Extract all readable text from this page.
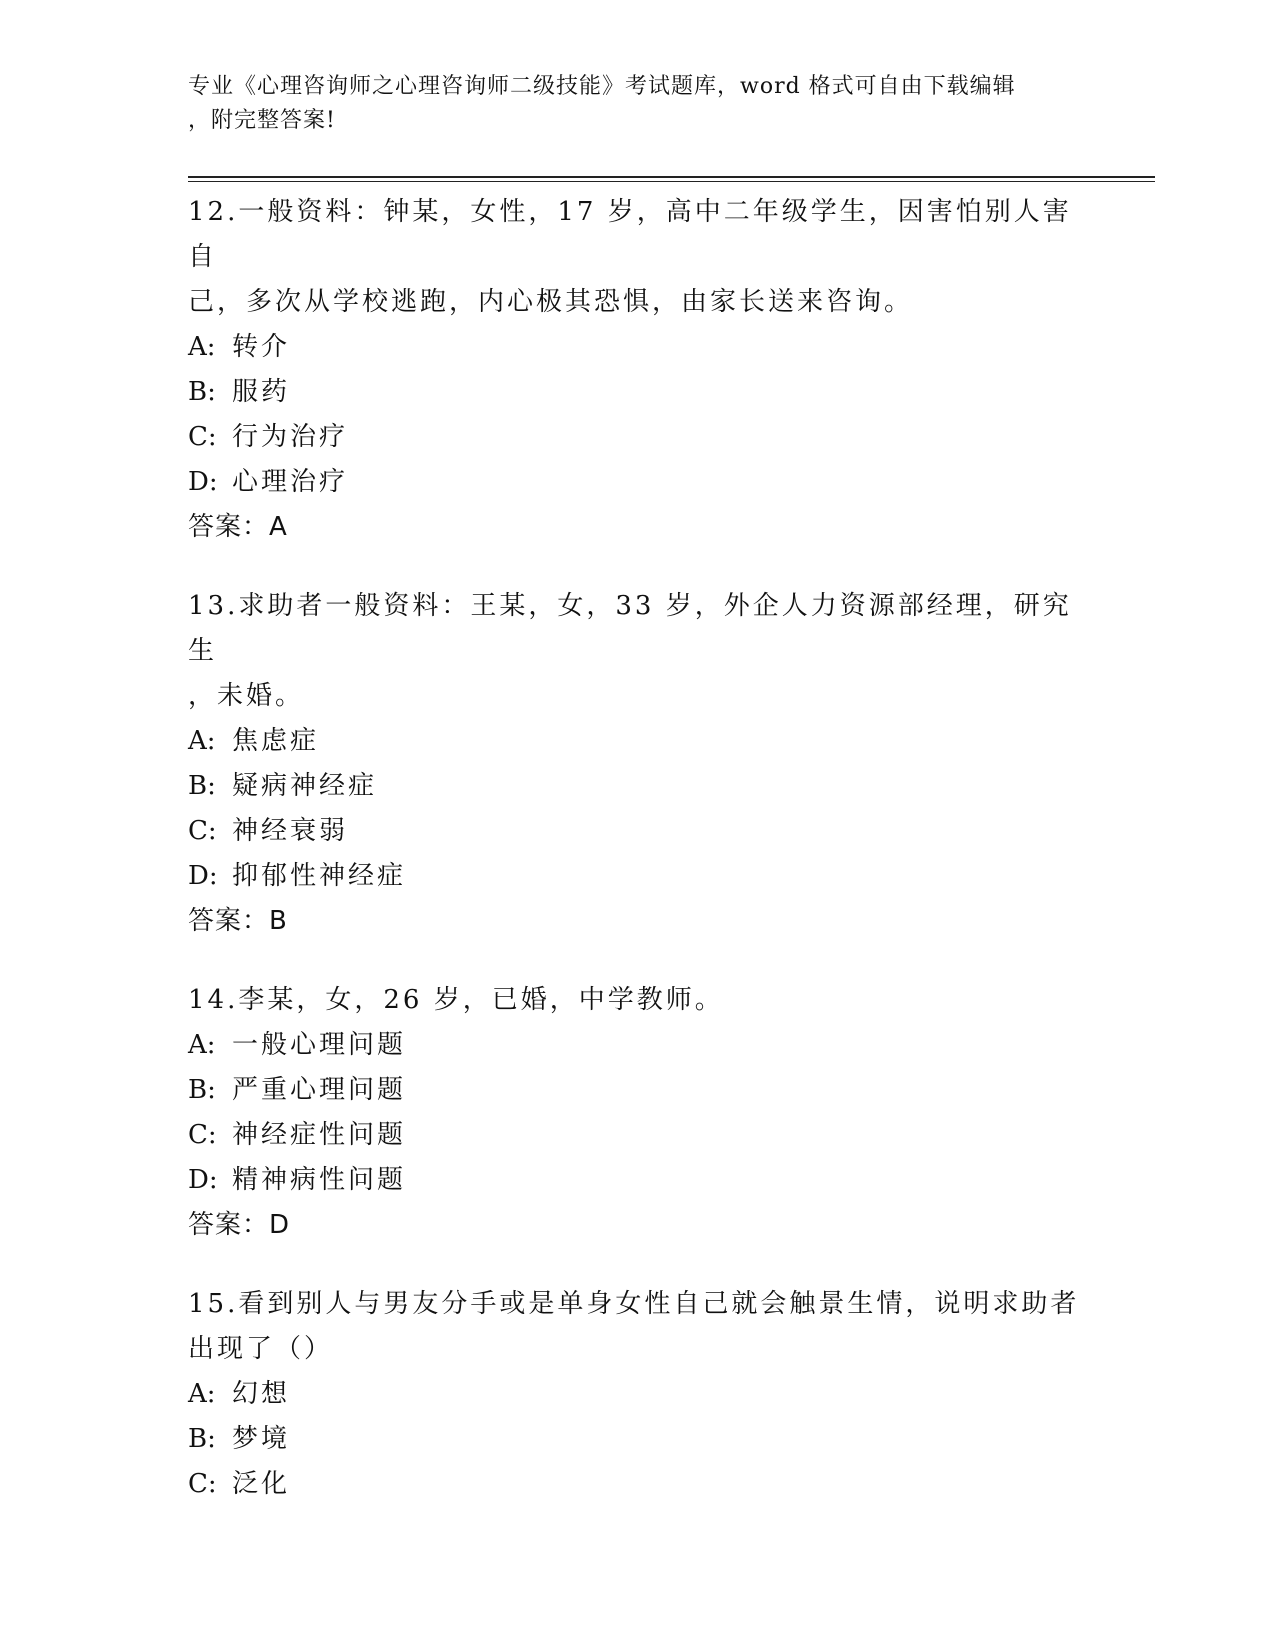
专业《心理咨询师之心理咨询师二级技能》考试题库，word 格式可自由下载编辑
，附完整答案!
12.一般资料：钟某，女性，17 岁，高中二年级学生，因害怕别人害自
己，多次从学校逃跑，内心极其恐惧，由家长送来咨询。
A: 转介
B: 服药
C: 行为治疗
D: 心理治疗
答案：A
13.求助者一般资料：王某，女，33 岁，外企人力资源部经理，研究生
，未婚。
A: 焦虑症
B: 疑病神经症
C: 神经衰弱
D: 抑郁性神经症
答案：B
14.李某，女，26 岁，已婚，中学教师。
A: 一般心理问题
B: 严重心理问题
C: 神经症性问题
D: 精神病性问题
答案：D
15.看到别人与男友分手或是单身女性自己就会触景生情，说明求助者
出现了（）
A: 幻想
B: 梦境
C: 泛化
